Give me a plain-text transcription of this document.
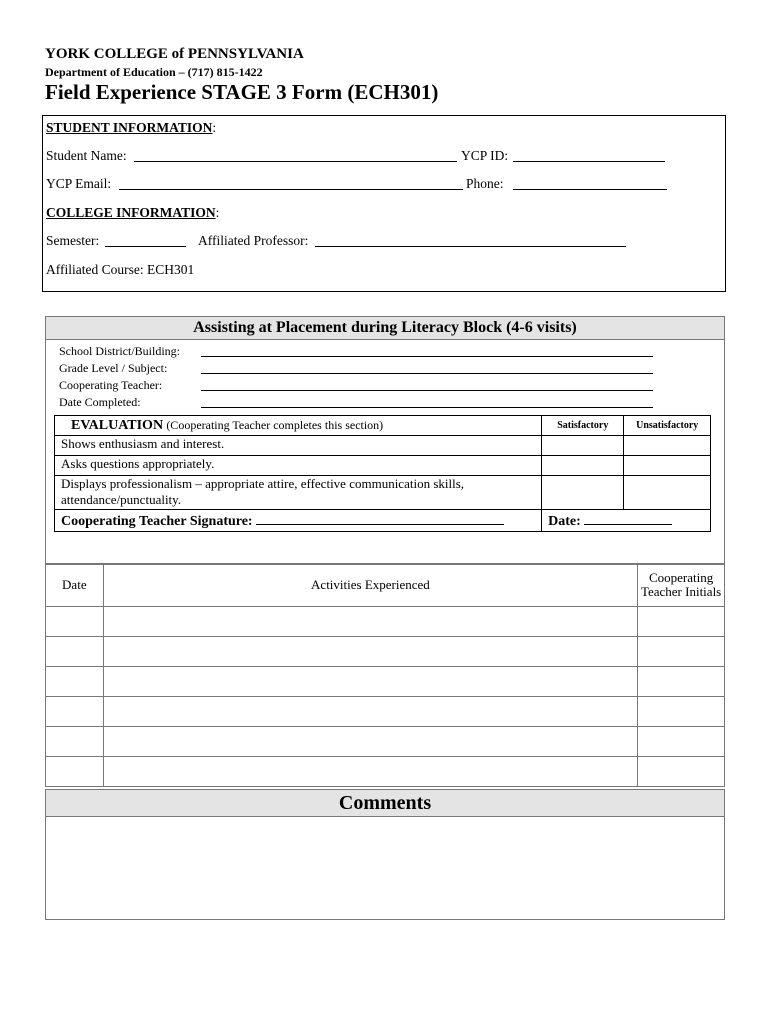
YORK COLLEGE of PENNSYLVANIA
Department of Education – (717) 815-1422
Field Experience STAGE 3 Form (ECH301)
STUDENT INFORMATION:
Student Name:	YCP ID:
YCP Email:	Phone:
COLLEGE INFORMATION:
Semester:	Affiliated Professor:
Affiliated Course: ECH301
Assisting at Placement during Literacy Block (4-6 visits)
School District/Building:
Grade Level / Subject:
Cooperating Teacher:
Date Completed:
EVALUATION (Cooperating Teacher completes this section)	Satisfactory	Unsatisfactory
Shows enthusiasm and interest.		
Asks questions appropriately.		
Displays professionalism – appropriate attire, effective communication skills, attendance/punctuality.		
Cooperating Teacher Signature:	Date:	
Date	Activities Experienced	Cooperating Teacher Initials

Comments
